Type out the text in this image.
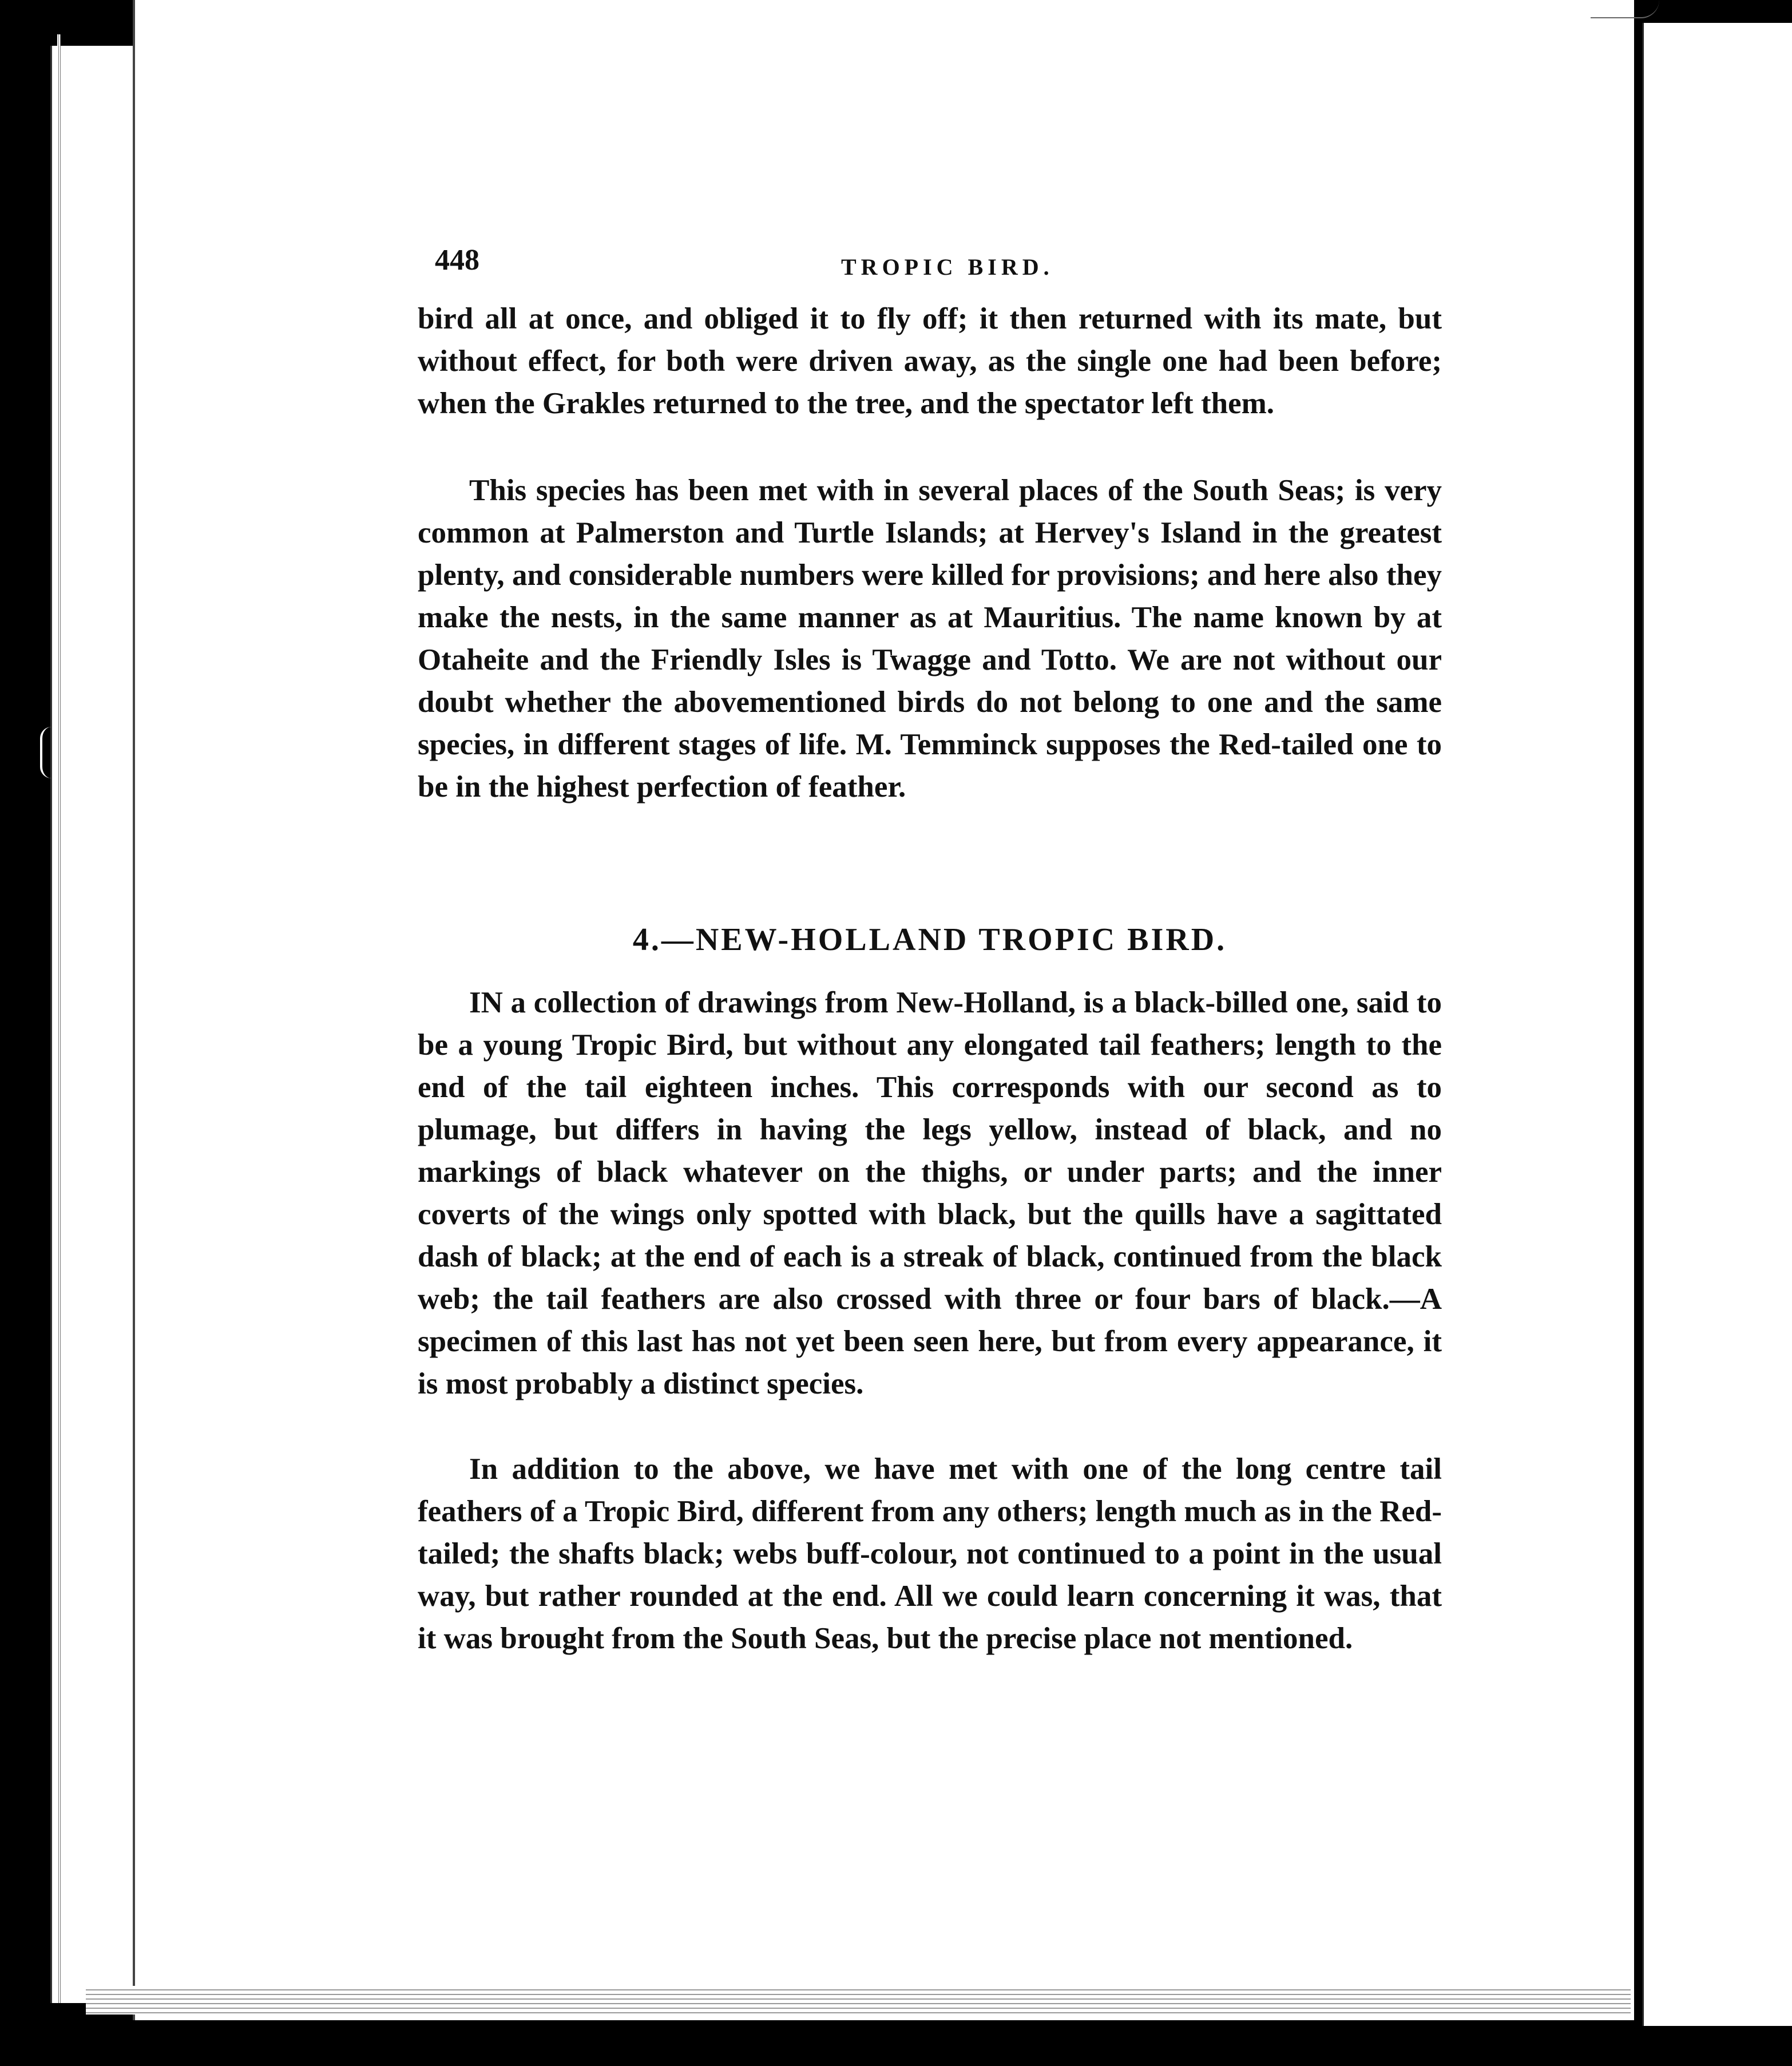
448	TROPIC BIRD.

bird all at once, and obliged it to fly off; it then returned with its mate, but without effect, for both were driven away, as the single one had been before; when the Grakles returned to the tree, and the spectator left them.

This species has been met with in several places of the South Seas; is very common at Palmerston and Turtle Islands; at Hervey's Island in the greatest plenty, and considerable numbers were killed for provisions; and here also they make the nests, in the same manner as at Mauritius. The name known by at Otaheite and the Friendly Isles is Twagge and Totto. We are not without our doubt whether the abovementioned birds do not belong to one and the same species, in different stages of life. M. Temminck supposes the Red-tailed one to be in the highest perfection of feather.

4.—NEW-HOLLAND TROPIC BIRD.

IN a collection of drawings from New-Holland, is a black-billed one, said to be a young Tropic Bird, but without any elongated tail feathers; length to the end of the tail eighteen inches. This corresponds with our second as to plumage, but differs in having the legs yellow, instead of black, and no markings of black whatever on the thighs, or under parts; and the inner coverts of the wings only spotted with black, but the quills have a sagittated dash of black; at the end of each is a streak of black, continued from the black web; the tail feathers are also crossed with three or four bars of black.—A specimen of this last has not yet been seen here, but from every appearance, it is most probably a distinct species.

In addition to the above, we have met with one of the long centre tail feathers of a Tropic Bird, different from any others; length much as in the Red-tailed; the shafts black; webs buff-colour, not continued to a point in the usual way, but rather rounded at the end. All we could learn concerning it was, that it was brought from the South Seas, but the precise place not mentioned.
